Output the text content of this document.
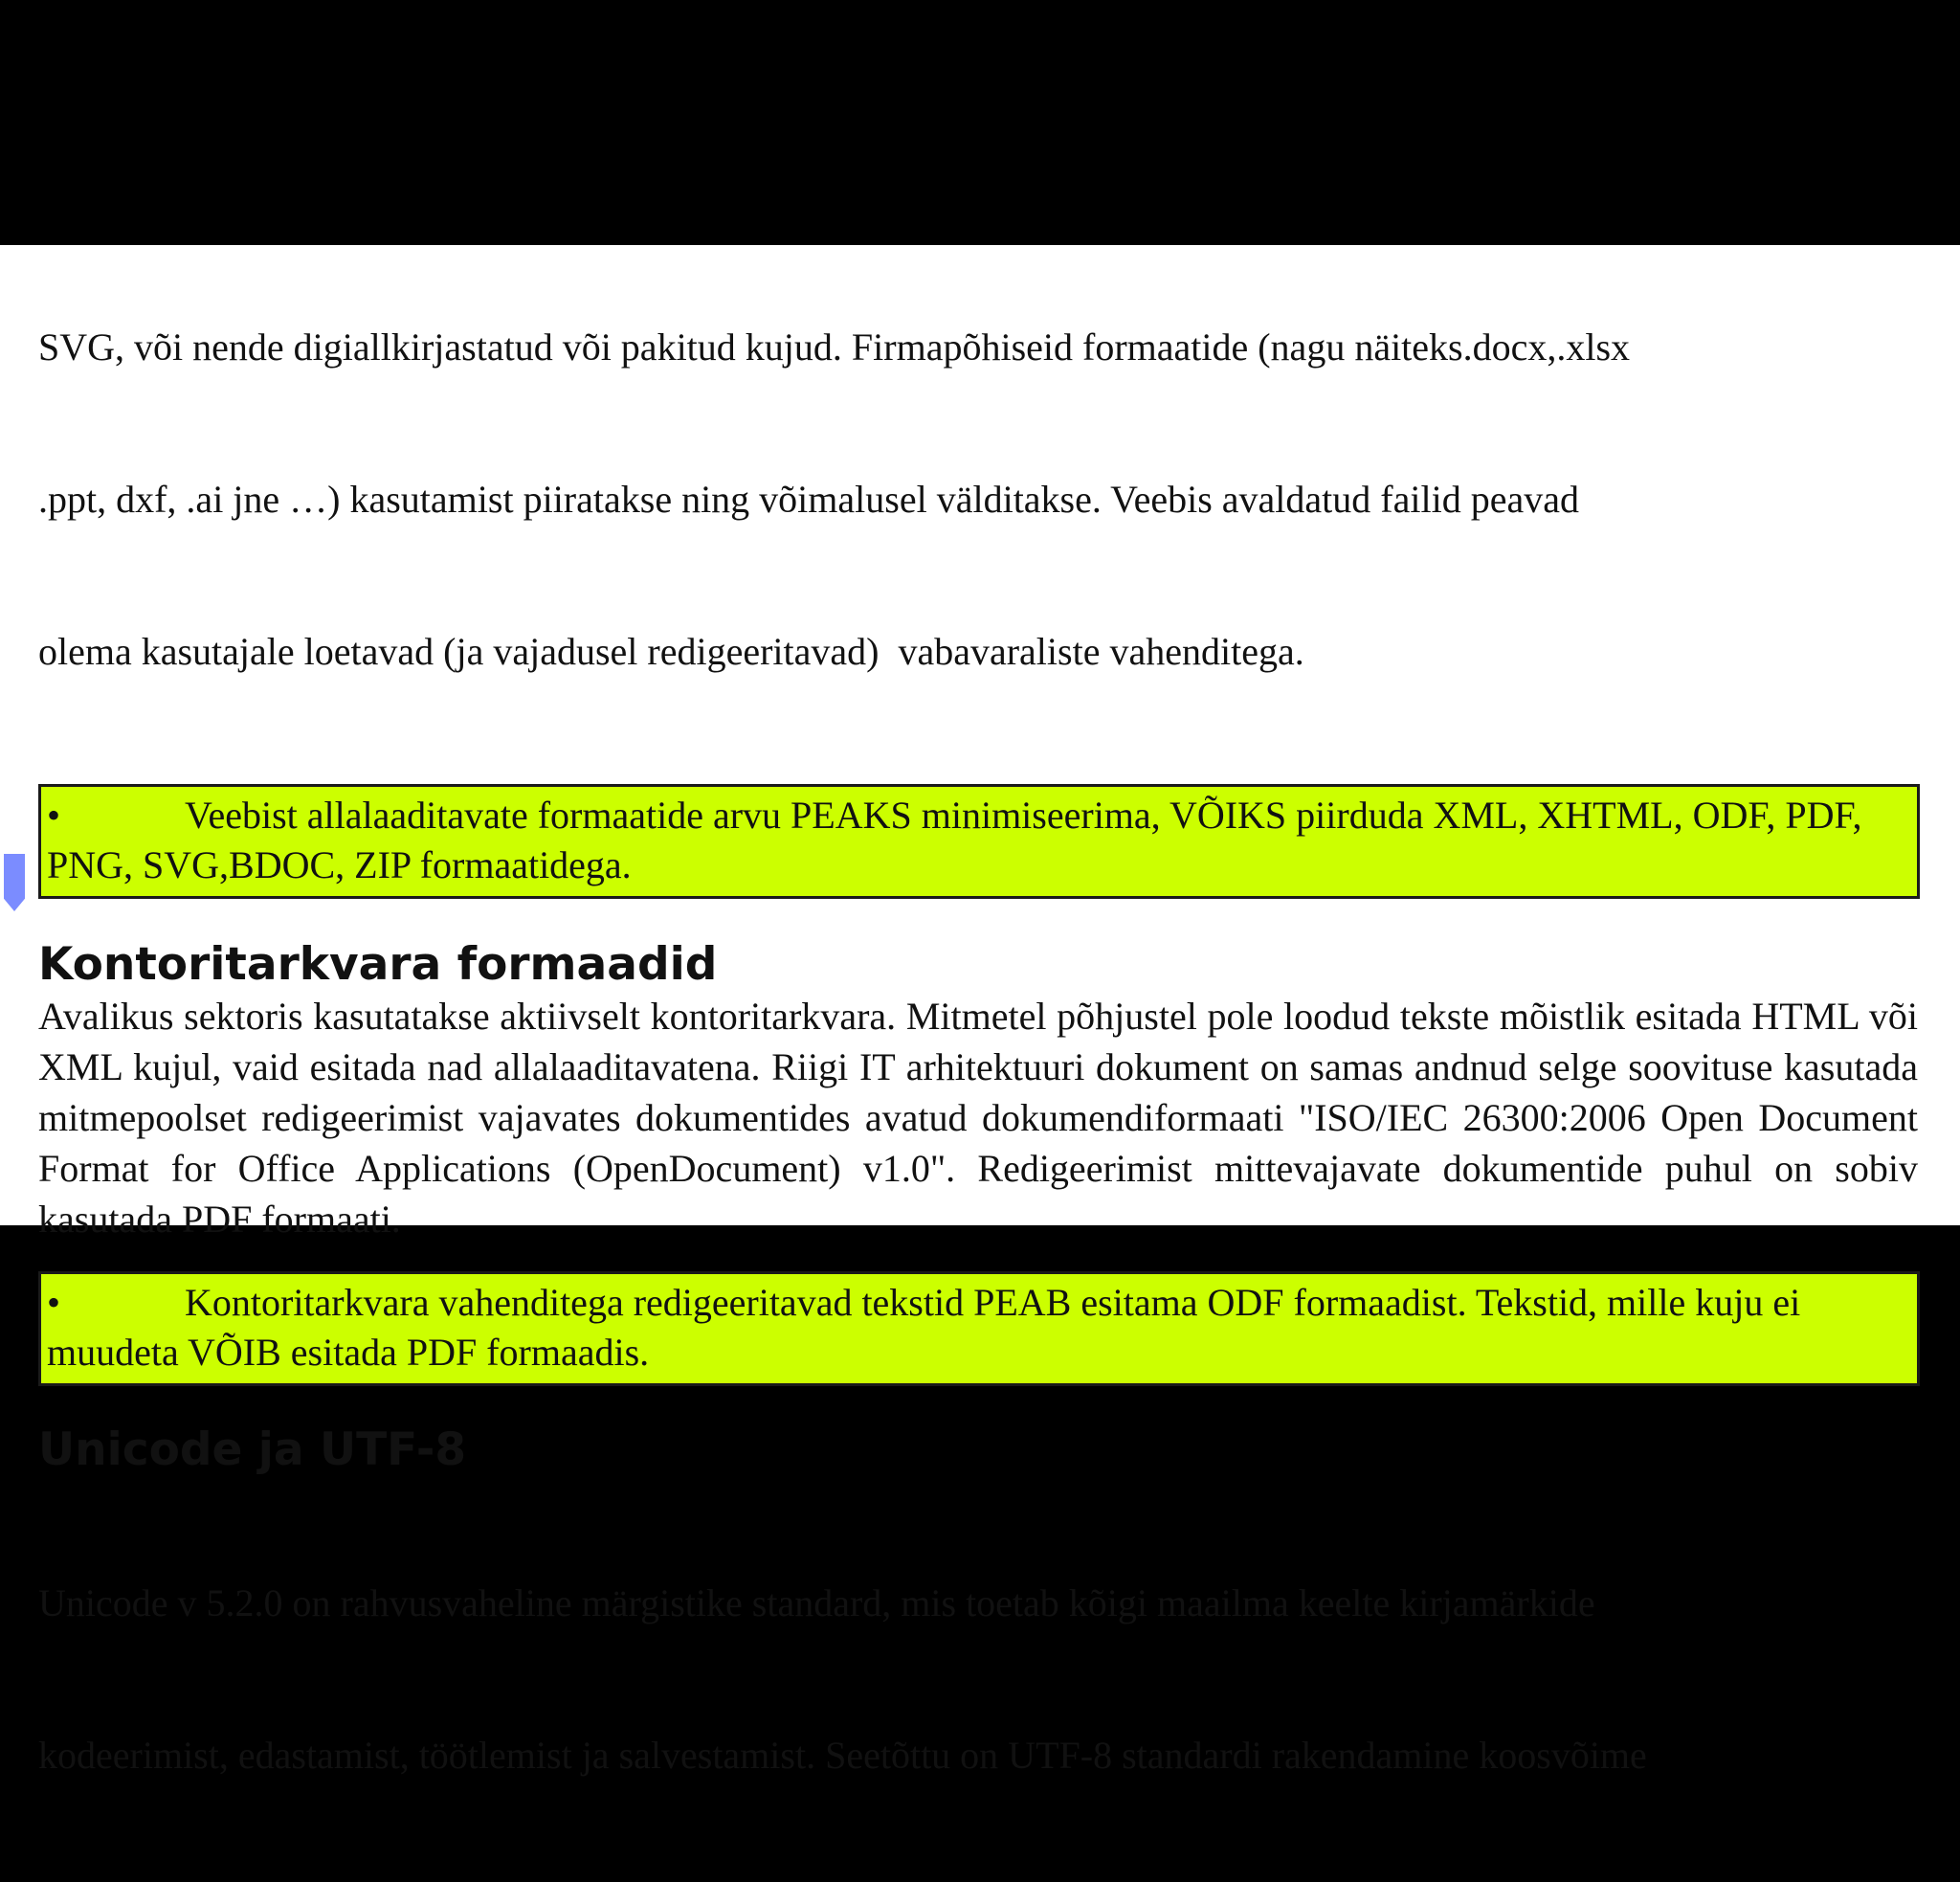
SVG, või nende digiallkirjastatud või pakitud kujud. Firmapõhiseid formaatide (nagu näiteks.docx,.xlsx

.ppt, dxf, .ai jne …) kasutamist piiratakse ning võimalusel välditakse. Veebis avaldatud failid peavad

olema kasutajale loetavad (ja vajadusel redigeeritavad)  vabavaraliste vahenditega.

•	Veebist allalaaditavate formaatide arvu PEAKS minimiseerima, VÕIKS piirduda XML, XHTML, ODF, PDF, PNG, SVG,BDOC, ZIP formaatidega.
Kontoritarkvara formaadid

Avalikus sektoris kasutatakse aktiivselt kontoritarkvara. Mitmetel põhjustel pole loodud tekste mõistlik esitada HTML või XML kujul, vaid esitada nad allalaaditavatena. Riigi IT arhitektuuri dokument on samas andnud selge soovituse kasutada mitmepoolset redigeerimist vajavates dokumentides avatud dokumendiformaati "ISO/IEC 26300:2006 Open Document Format for Office Applications (OpenDocument) v1.0". Redigeerimist mittevajavate dokumentide puhul on sobiv kasutada PDF formaati.

•	Kontoritarkvara vahenditega redigeeritavad tekstid PEAB esitama ODF formaadist. Tekstid, mille kuju ei muudeta VÕIB esitada PDF formaadis.
Unicode ja UTF-8

Unicode v 5.2.0 on rahvusvaheline märgistike standard, mis toetab kõigi maailma keelte kirjamärkide

kodeerimist, edastamist, töötlemist ja salvestamist. Seetõttu on UTF-8 standardi rakendamine koosvõime
